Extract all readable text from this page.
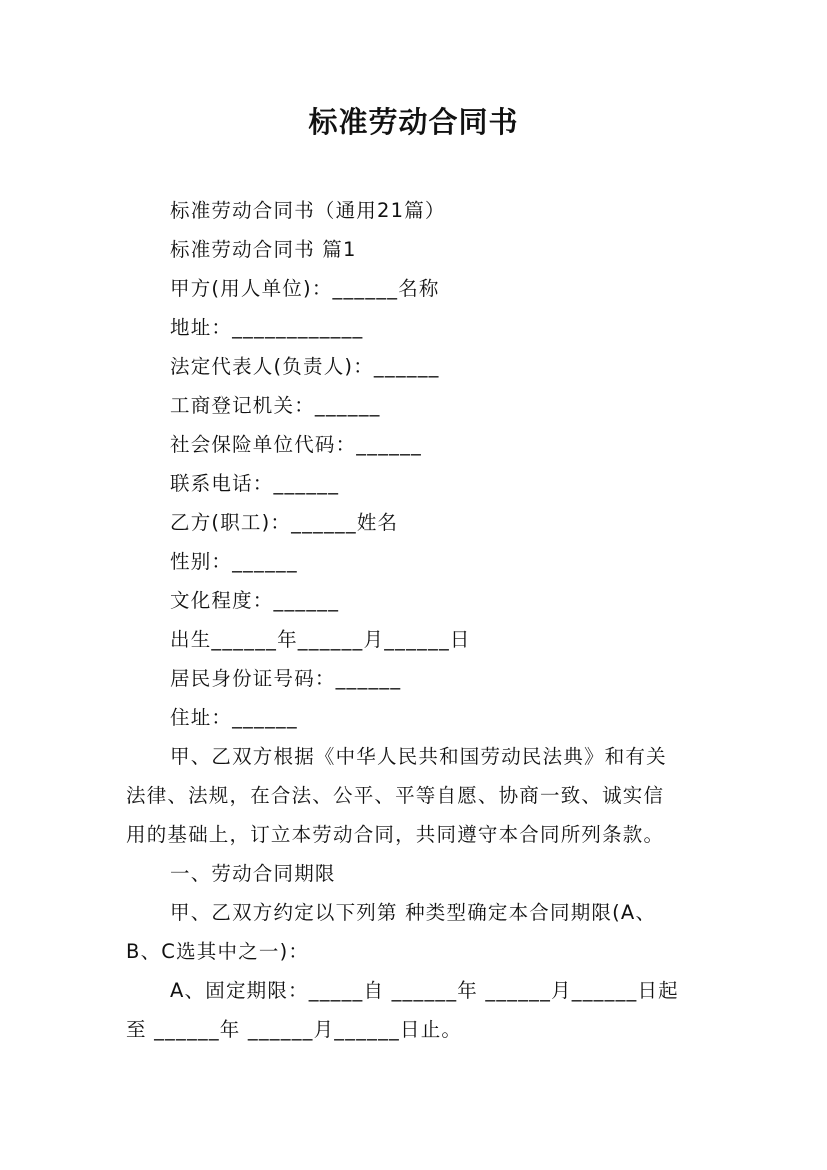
标准劳动合同书
标准劳动合同书（通用21篇）
标准劳动合同书 篇1
甲方(用人单位)：______名称
地址：____________
法定代表人(负责人)：______
工商登记机关：______
社会保险单位代码：______
联系电话：______
乙方(职工)：______姓名
性别：______
文化程度：______
出生______年______月______日
居民身份证号码：______
住址：______
甲、乙双方根据《中华人民共和国劳动民法典》和有关
法律、法规，在合法、公平、平等自愿、协商一致、诚实信
用的基础上，订立本劳动合同，共同遵守本合同所列条款。
一、劳动合同期限
甲、乙双方约定以下列第 种类型确定本合同期限(A、
B、C选其中之一)：
A、固定期限：_____自 ______年 ______月______日起
至 ______年 ______月______日止。
